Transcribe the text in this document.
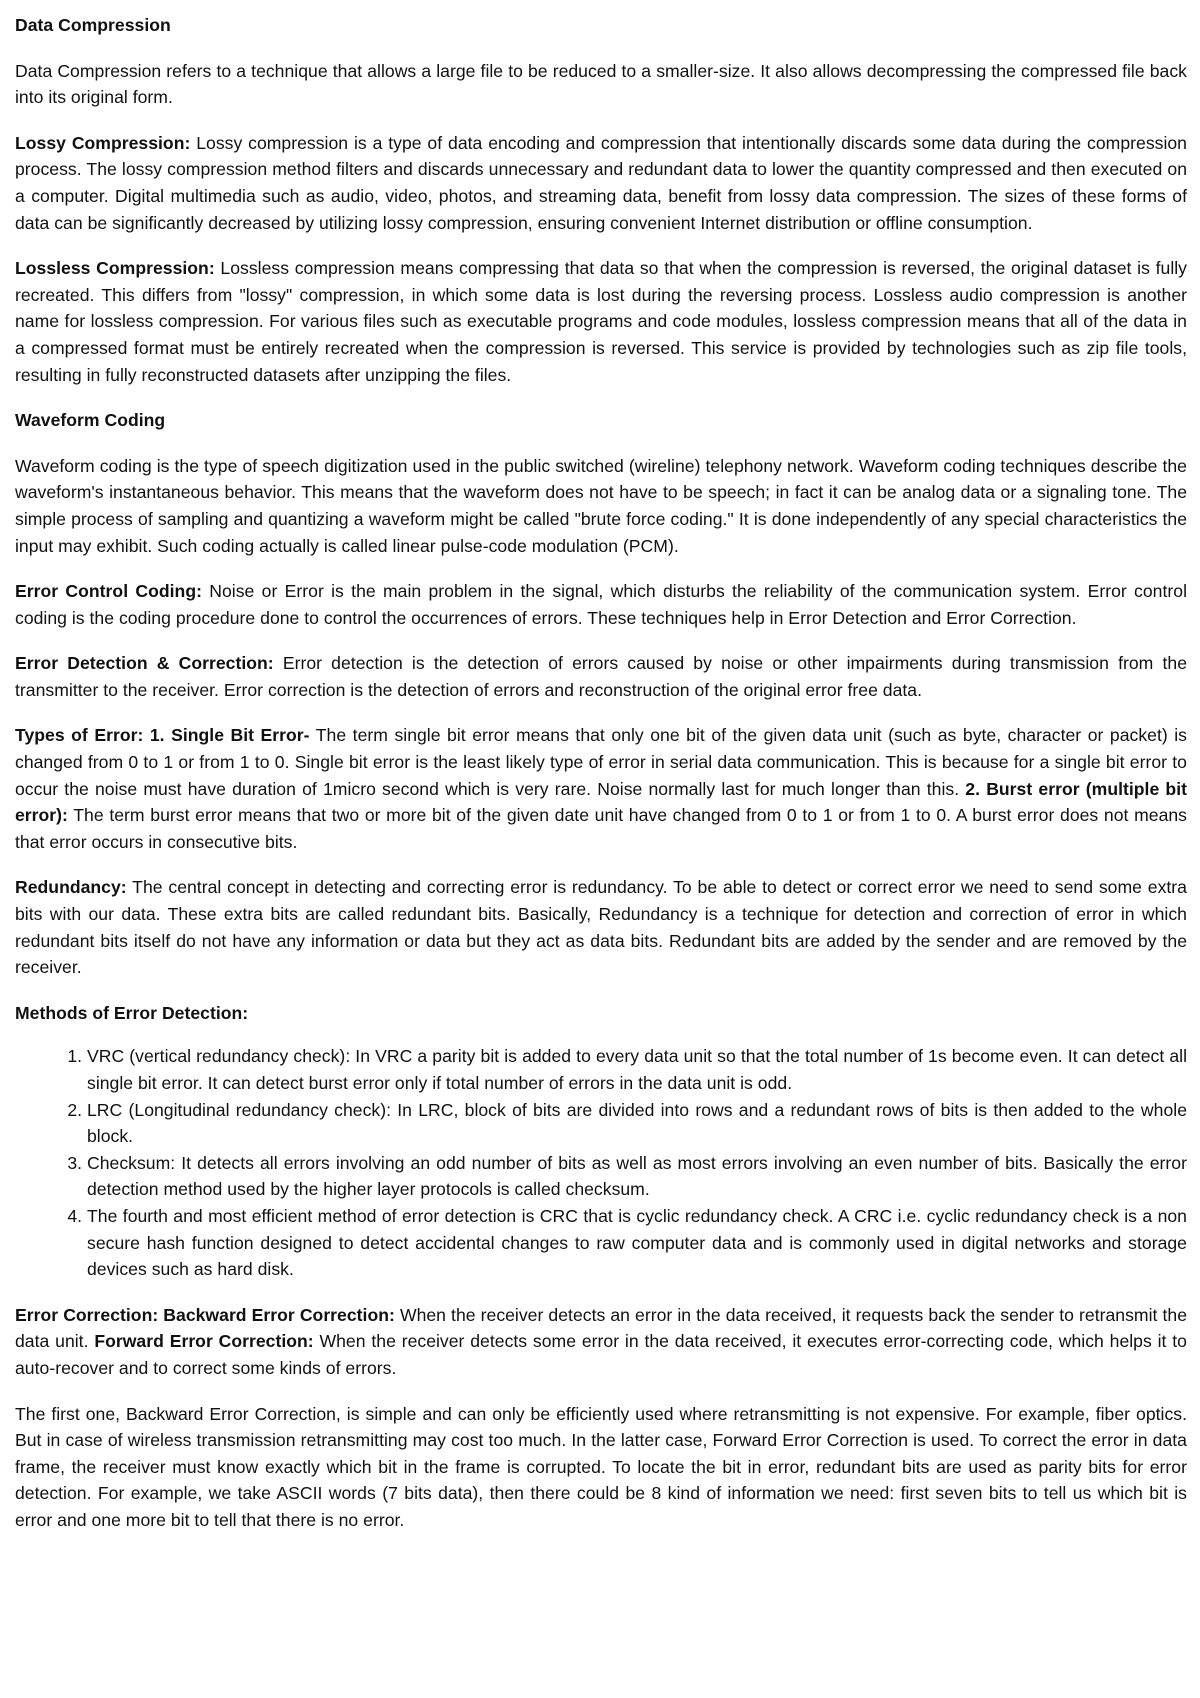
Data Compression

Data Compression refers to a technique that allows a large file to be reduced to a smaller-size. It also allows decompressing the compressed file back into its original form.

Lossy Compression: Lossy compression is a type of data encoding and compression that intentionally discards some data during the compression process. The lossy compression method filters and discards unnecessary and redundant data to lower the quantity compressed and then executed on a computer. Digital multimedia such as audio, video, photos, and streaming data, benefit from lossy data compression. The sizes of these forms of data can be significantly decreased by utilizing lossy compression, ensuring convenient Internet distribution or offline consumption.

Lossless Compression: Lossless compression means compressing that data so that when the compression is reversed, the original dataset is fully recreated. This differs from "lossy" compression, in which some data is lost during the reversing process. Lossless audio compression is another name for lossless compression. For various files such as executable programs and code modules, lossless compression means that all of the data in a compressed format must be entirely recreated when the compression is reversed. This service is provided by technologies such as zip file tools, resulting in fully reconstructed datasets after unzipping the files.

Waveform Coding

Waveform coding is the type of speech digitization used in the public switched (wireline) telephony network. Waveform coding techniques describe the waveform's instantaneous behavior. This means that the waveform does not have to be speech; in fact it can be analog data or a signaling tone. The simple process of sampling and quantizing a waveform might be called "brute force coding." It is done independently of any special characteristics the input may exhibit. Such coding actually is called linear pulse-code modulation (PCM).

Error Control Coding: Noise or Error is the main problem in the signal, which disturbs the reliability of the communication system. Error control coding is the coding procedure done to control the occurrences of errors. These techniques help in Error Detection and Error Correction.

Error Detection & Correction: Error detection is the detection of errors caused by noise or other impairments during transmission from the transmitter to the receiver. Error correction is the detection of errors and reconstruction of the original error free data.

Types of Error: 1. Single Bit Error- The term single bit error means that only one bit of the given data unit (such as byte, character or packet) is changed from 0 to 1 or from 1 to 0. Single bit error is the least likely type of error in serial data communication. This is because for a single bit error to occur the noise must have duration of 1micro second which is very rare. Noise normally last for much longer than this. 2. Burst error (multiple bit error): The term burst error means that two or more bit of the given date unit have changed from 0 to 1 or from 1 to 0. A burst error does not means that error occurs in consecutive bits.

Redundancy: The central concept in detecting and correcting error is redundancy. To be able to detect or correct error we need to send some extra bits with our data. These extra bits are called redundant bits. Basically, Redundancy is a technique for detection and correction of error in which redundant bits itself do not have any information or data but they act as data bits. Redundant bits are added by the sender and are removed by the receiver.

Methods of Error Detection:
1. VRC (vertical redundancy check): In VRC a parity bit is added to every data unit so that the total number of 1s become even. It can detect all single bit error. It can detect burst error only if total number of errors in the data unit is odd.
2. LRC (Longitudinal redundancy check): In LRC, block of bits are divided into rows and a redundant rows of bits is then added to the whole block.
3. Checksum: It detects all errors involving an odd number of bits as well as most errors involving an even number of bits. Basically the error detection method used by the higher layer protocols is called checksum.
4. The fourth and most efficient method of error detection is CRC that is cyclic redundancy check. A CRC i.e. cyclic redundancy check is a non secure hash function designed to detect accidental changes to raw computer data and is commonly used in digital networks and storage devices such as hard disk.

Error Correction: Backward Error Correction: When the receiver detects an error in the data received, it requests back the sender to retransmit the data unit. Forward Error Correction: When the receiver detects some error in the data received, it executes error-correcting code, which helps it to auto-recover and to correct some kinds of errors.

The first one, Backward Error Correction, is simple and can only be efficiently used where retransmitting is not expensive. For example, fiber optics. But in case of wireless transmission retransmitting may cost too much. In the latter case, Forward Error Correction is used. To correct the error in data frame, the receiver must know exactly which bit in the frame is corrupted. To locate the bit in error, redundant bits are used as parity bits for error detection. For example, we take ASCII words (7 bits data), then there could be 8 kind of information we need: first seven bits to tell us which bit is error and one more bit to tell that there is no error.
